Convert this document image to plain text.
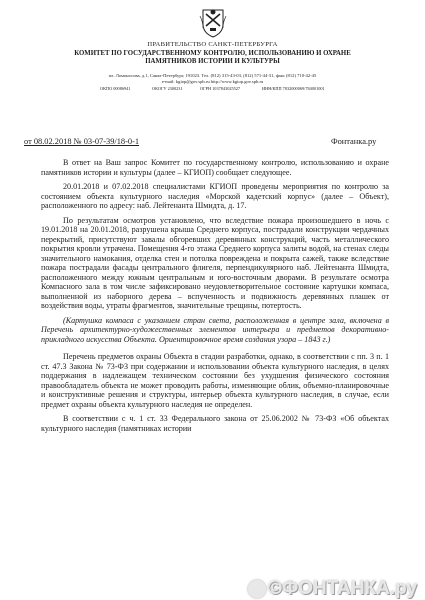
ПРАВИТЕЛЬСТВО САНКТ-ПЕТЕРБУРГА
КОМИТЕТ ПО ГОСУДАРСТВЕННОМУ КОНТРОЛЮ, ИСПОЛЬЗОВАНИЮ И ОХРАНЕ
ПАМЯТНИКОВ ИСТОРИИ И КУЛЬТУРЫ
пл. Ломоносова, д.1, Санкт-Петербург, 191023. Тел. (812) 315-43-03, (812) 571-44-31, факс (812) 710-42-45
e-mail: kgiop@gov.spb.ru http://www.kgiop.gov.spb.ru
ОКПО 00086941	ОКОГУ 2300231	ОГРН 1037843025527	ИНН/КПП 7832000069/784001001
от 08.02.2018 № 03-07-39/18-0-1	Фонтанка.ру

В ответ на Ваш запрос Комитет по государственному контролю, использованию и охране памятников истории и культуры (далее – КГИОП) сообщает следующее.

20.01.2018 и 07.02.2018 специалистами КГИОП проведены мероприятия по контролю за состоянием объекта культурного наследия «Морской кадетский корпус» (далее – Объект), расположенного по адресу: наб. Лейтенанта Шмидта, д. 17.

По результатам осмотров установлено, что вследствие пожара произошедшего в ночь с 19.01.2018 на 20.01.2018, разрушена крыша Среднего корпуса, пострадали конструкции чердачных перекрытий, присутствуют завалы обгоревших деревянных конструкций, часть металлического покрытия кровли утрачена. Помещения 4-го этажа Среднего корпуса залиты водой, на стенах следы значительного намокания, отделка стен и потолка повреждена и покрыта сажей, также вследствие пожара пострадали фасады центрального флигеля, перпендикулярного наб. Лейтенанта Шмидта, расположенного между южным центральным и юго-восточным дворами. В результате осмотра Компасного зала в том числе зафиксировано неудовлетворительное состояние картушки компаса, выполненной из наборного дерева – вспученность и подвижность деревянных плашек от воздействия воды, утраты фрагментов, значительные трещины, потертость.

(Картушка компаса с указанием стран света, расположенная в центре зала, включена в Перечень архитектурно-художественных элементов интерьера и предметов декоративно-прикладного искусства Объекта. Ориентировочное время создания узора – 1843 г.)

Перечень предметов охраны Объекта в стадии разработки, однако, в соответствии с пп. 3 п. 1 ст. 47.3 Закона № 73-ФЗ при содержании и использовании объекта культурного наследия, в целях поддержания в надлежащем техническом состоянии без ухудшения физического состояния правообладатель объекта не может проводить работы, изменяющие облик, объемно-планировочные и конструктивные решения и структуры, интерьер объекта культурного наследия, в случае, если предмет охраны объекта культурного наследия не определен.

В соответствии с ч. 1 ст. 33 Федерального закона от 25.06.2002 № 73-ФЗ «Об объектах культурного наследия (памятниках истории

©ФОНТАНКА.ру
